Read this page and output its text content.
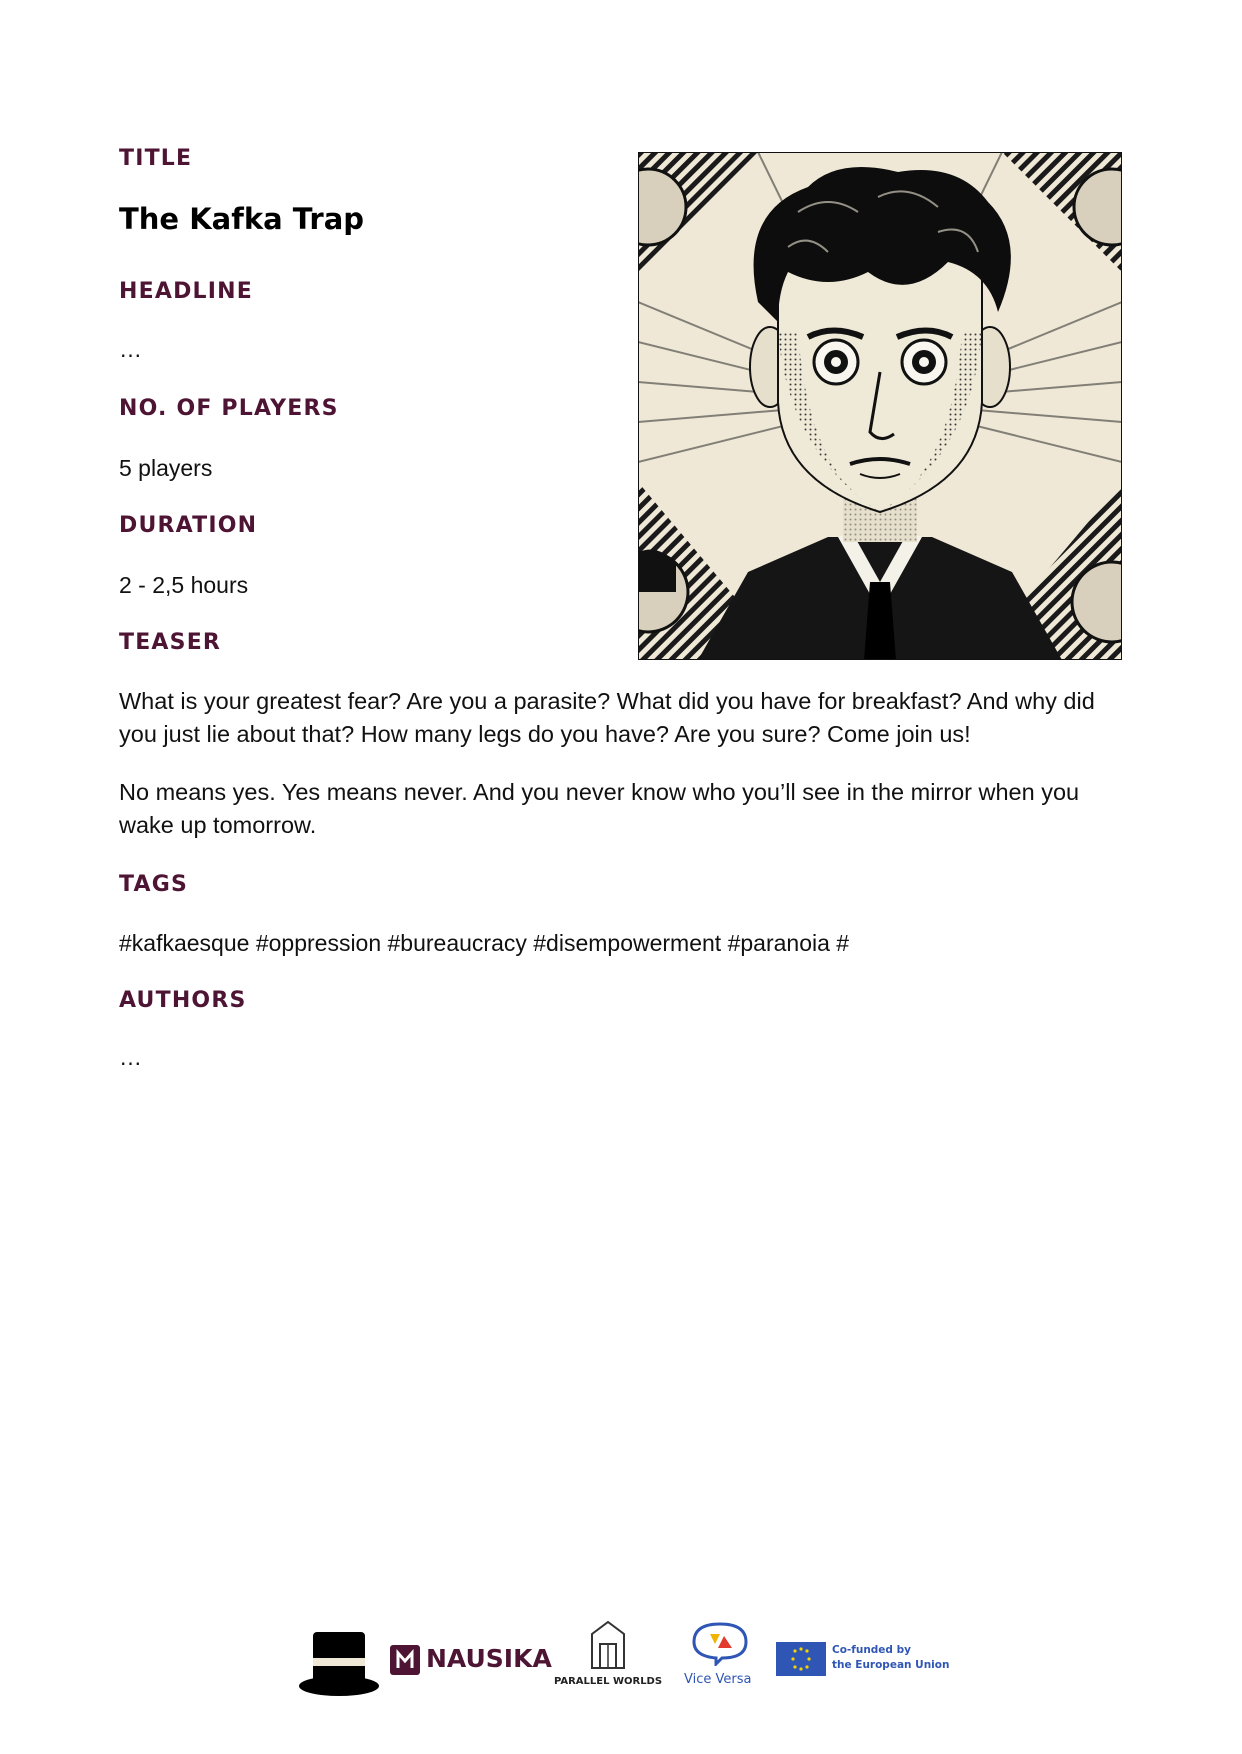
TITLE
The Kafka Trap
HEADLINE

…

NO. OF PLAYERS

5 players

DURATION

2 - 2,5 hours

TEASER

What is your greatest fear? Are you a parasite? What did you have for breakfast? And why did you just lie about that? How many legs do you have? Are you sure? Come join us!

No means yes. Yes means never. And you never know who you’ll see in the mirror when you wake up tomorrow.

TAGS

#kafkaesque #oppression #bureaucracy #disempowerment #paranoia #

AUTHORS

…

NAUSIKA
PARALLEL WORLDS	Vice Versa
Co-funded by
the European Union
